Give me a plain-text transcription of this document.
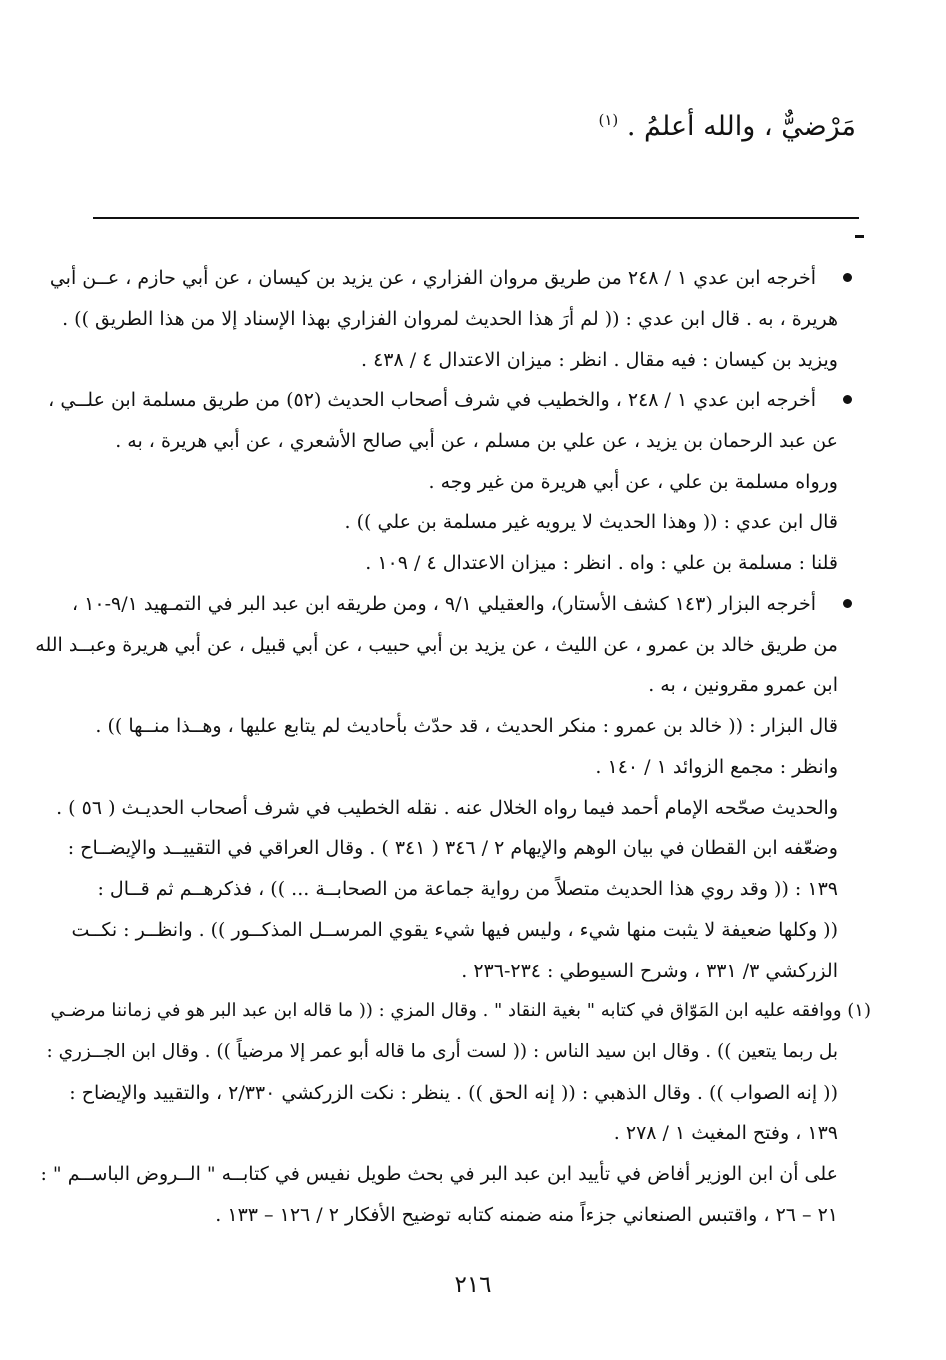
مَرْضيٌّ ، والله أعلمُ . $^{(١)}$
أخرجه ابن عدي ١ / ٢٤٨ من طريق مروان الفزاري ، عن يزيد بن كيسان ، عن أبي حازم ، عــن أبي
هريرة ، به . قال ابن عدي : (( لم أرَ هذا الحديث لمروان الفزاري بهذا الإسناد إلا من هذا الطريق )) .
ويزيد بن كيسان : فيه مقال . انظر : ميزان الاعتدال ٤ / ٤٣٨ .
أخرجه ابن عدي ١ / ٢٤٨ ، والخطيب في شرف أصحاب الحديث (٥٢) من طريق مسلمة ابن علــي ،
عن عبد الرحمان بن يزيد ، عن علي بن مسلم ، عن أبي صالح الأشعري ، عن أبي هريرة ، به .
ورواه مسلمة بن علي ، عن أبي هريرة من غير وجه .
قال ابن عدي : (( وهذا الحديث لا يرويه غير مسلمة بن علي )) .
قلنا : مسلمة بن علي : واه . انظر : ميزان الاعتدال ٤ / ١٠٩ .
أخرجه البزار (١٤٣ كشف الأستار)، والعقيلي ٩/١ ، ومن طريقه ابن عبد البر في التمـهيد ٩/١-١٠ ،
من طريق خالد بن عمرو ، عن الليث ، عن يزيد بن أبي حبيب ، عن أبي قبيل ، عن أبي هريرة وعبــد الله
ابن عمرو مقرونين ، به .
قال البزار : (( خالد بن عمرو : منكر الحديث ، قد حدّث بأحاديث لم يتابع عليها ، وهــذا منــها )) .
وانظر : مجمع الزوائد ١ / ١٤٠ .
والحديث صحّحه الإمام أحمد فيما رواه الخلال عنه . نقله الخطيب في شرف أصحاب الحديـث ( ٥٦ ) .
وضعّفه ابن القطان في بيان الوهم والإيهام ٢ / ٣٤٦ ( ٣٤١ ) . وقال العراقي في التقييــد والإيضــاح :
١٣٩ : (( وقد روي هذا الحديث متصلاً من رواية جماعة من الصحابــة ... )) ، فذكرهــم ثم قــال :
(( وكلها ضعيفة لا يثبت منها شيء ، وليس فيها شيء يقوي المرســل المذكــور )) . وانظــر : نكــت
الزركشي ٣/ ٣٣١ ، وشرح السيوطي : ٢٣٤-٢٣٦ .
(١) ووافقه عليه ابن المَوّاق في كتابه " بغية النقاد " . وقال المزي : (( ما قاله ابن عبد البر هو في زماننا مرضـي
بل ربما يتعين )) . وقال ابن سيد الناس : (( لست أرى ما قاله أبو عمر إلا مرضياً )) . وقال ابن الجــزري :
(( إنه الصواب )) . وقال الذهبي : (( إنه الحق )) . ينظر : نكت الزركشي ٢/٣٣٠ ، والتقييد والإيضاح :
١٣٩ ، وفتح المغيث ١ / ٢٧٨ .
على أن ابن الوزير أفاض في تأييد ابن عبد البر في بحث طويل نفيس في كتابــه " الــروض الباســم " :
٢١ – ٢٦ ، واقتبس الصنعاني جزءاً منه ضمنه كتابه توضيح الأفكار ٢ / ١٢٦ – ١٣٣ .
٢١٦
